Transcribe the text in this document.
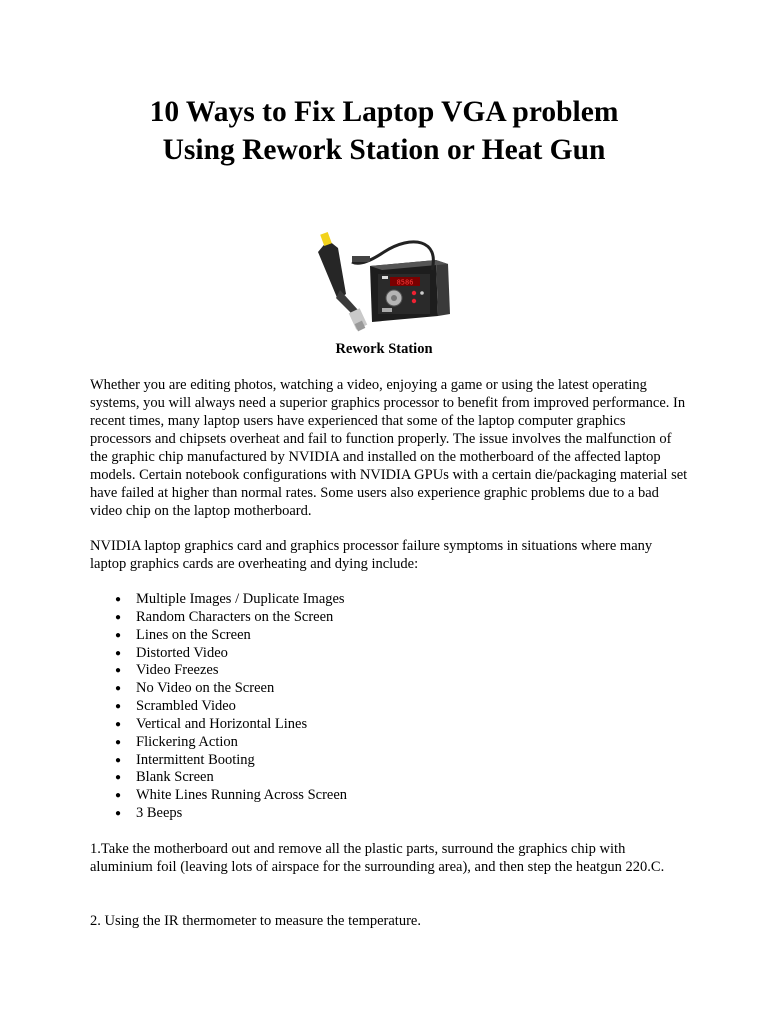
10 Ways to Fix Laptop VGA problem
Using Rework Station or Heat Gun
8586
Rework Station

Whether you are editing photos, watching a video, enjoying a game or using the latest operating systems, you will always need a superior graphics processor to benefit from improved performance. In recent times, many laptop users have experienced that some of the laptop computer graphics processors and chipsets overheat and fail to function properly. The issue involves the malfunction of the graphic chip manufactured by NVIDIA and installed on the motherboard of the affected laptop models. Certain notebook configurations with NVIDIA GPUs with a certain die/packaging material set have failed at higher than normal rates. Some users also experience graphic problems due to a bad video chip on the laptop motherboard.

NVIDIA laptop graphics card and graphics processor failure symptoms in situations where many laptop graphics cards are overheating and dying include:

● Multiple Images / Duplicate Images
● Random Characters on the Screen
● Lines on the Screen
● Distorted Video
● Video Freezes
● No Video on the Screen
● Scrambled Video
● Vertical and Horizontal Lines
● Flickering Action
● Intermittent Booting
● Blank Screen
● White Lines Running Across Screen
● 3 Beeps

1.Take the motherboard out and remove all the plastic parts, surround the graphics chip with aluminium foil (leaving lots of airspace for the surrounding area), and then step the heatgun 220.C.

2. Using the IR thermometer to measure the temperature.
